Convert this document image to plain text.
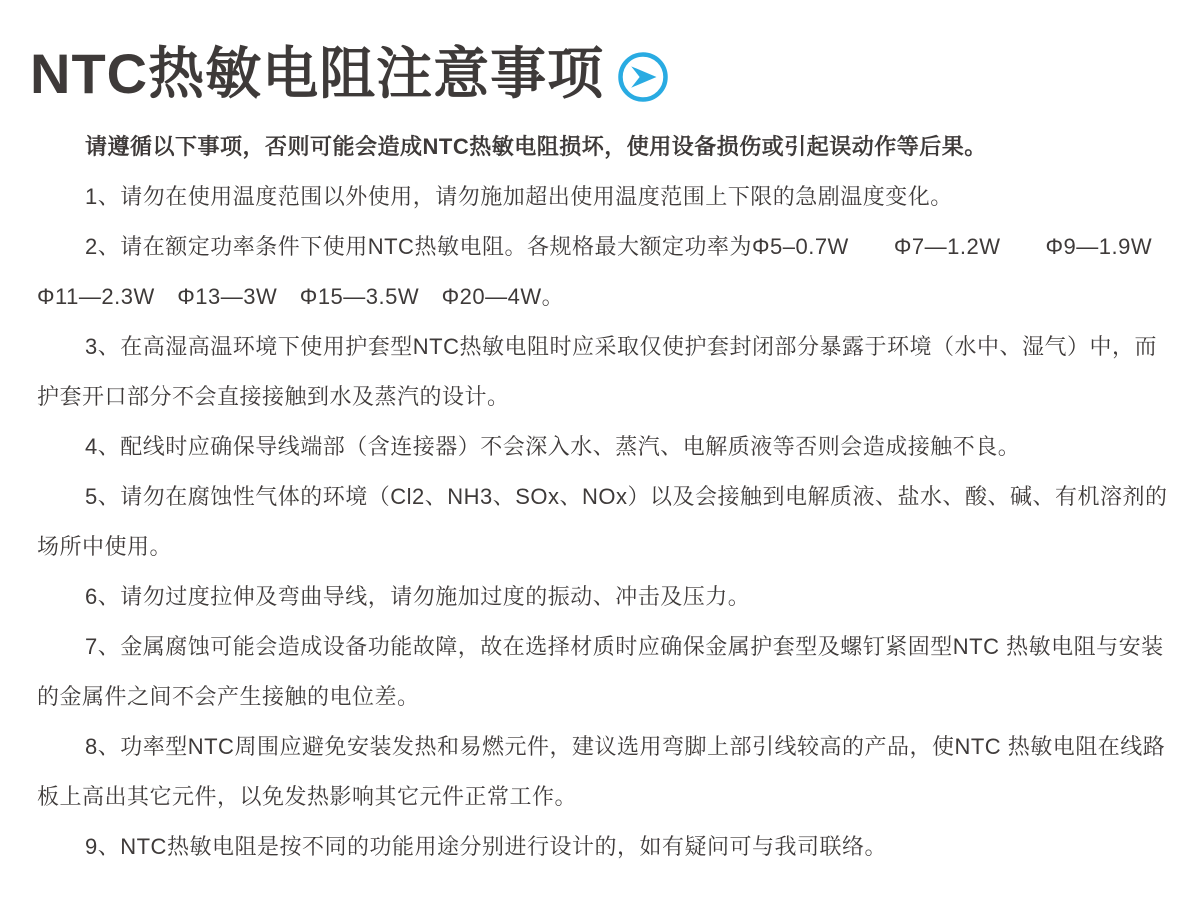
NTC热敏电阻注意事项

请遵循以下事项，否则可能会造成NTC热敏电阻损坏，使用设备损伤或引起误动作等后果。

1、请勿在使用温度范围以外使用，请勿施加超出使用温度范围上下限的急剧温度变化。

2、请在额定功率条件下使用NTC热敏电阻。各规格最大额定功率为Φ5–0.7W　　Φ7—1.2W　　Φ9—1.9W

Φ11—2.3W　Φ13—3W　Φ15—3.5W　Φ20—4W。

3、在高湿高温环境下使用护套型NTC热敏电阻时应采取仅使护套封闭部分暴露于环境（水中、湿气）中，而

护套开口部分不会直接接触到水及蒸汽的设计。

4、配线时应确保导线端部（含连接器）不会深入水、蒸汽、电解质液等否则会造成接触不良。

5、请勿在腐蚀性气体的环境（Cl2、NH3、SOx、NOx）以及会接触到电解质液、盐水、酸、碱、有机溶剂的

场所中使用。

6、请勿过度拉伸及弯曲导线，请勿施加过度的振动、冲击及压力。

7、金属腐蚀可能会造成设备功能故障，故在选择材质时应确保金属护套型及螺钉紧固型NTC 热敏电阻与安装

的金属件之间不会产生接触的电位差。

8、功率型NTC周围应避免安装发热和易燃元件，建议选用弯脚上部引线较高的产品，使NTC 热敏电阻在线路

板上高出其它元件，以免发热影响其它元件正常工作。

9、NTC热敏电阻是按不同的功能用途分别进行设计的，如有疑问可与我司联络。
